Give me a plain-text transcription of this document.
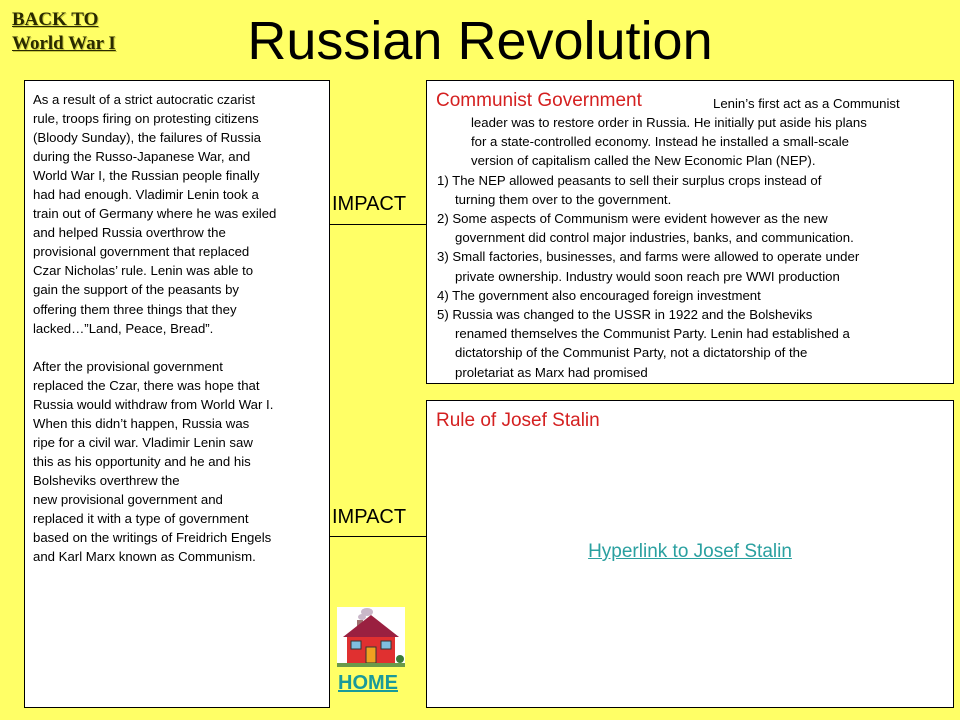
BACK TO
World War I	Russian Revolution

As a result of a strict autocratic czarist

rule, troops firing on protesting citizens

(Bloody Sunday), the failures of Russia

during the Russo-Japanese War, and

World War I, the Russian people finally

had had enough. Vladimir Lenin took a

train out of Germany where he was exiled

and helped Russia overthrow the

provisional government that replaced

Czar Nicholas’ rule. Lenin was able to

gain the support of the peasants by

offering them three things that they

lacked…”Land, Peace, Bread”.

After the provisional government

replaced the Czar, there was hope that

Russia would withdraw from World War I.

When this didn’t happen, Russia was

ripe for a civil war. Vladimir Lenin saw

this as his opportunity and he and his

Bolsheviks overthrew the

new provisional government and

replaced it with a type of government

based on the writings of Freidrich Engels

and Karl Marx known as Communism.

IMPACT
IMPACT
Communist Government	Lenin’s first act as a Communist
leader was to restore order in Russia. He initially put aside his plans
for a state-controlled economy. Instead he installed a small-scale
version of capitalism called the New Economic Plan (NEP).
1) The NEP allowed peasants to sell their surplus crops instead of
turning them over to the government.
2) Some aspects of Communism were evident however as the new
government did control major industries, banks, and communication.
3) Small factories, businesses, and farms were allowed to operate under
private ownership. Industry would soon reach pre WWI production
4) The government also encouraged foreign investment
5) Russia was changed to the USSR in 1922 and the Bolsheviks
renamed themselves the Communist Party. Lenin had established a
dictatorship of the Communist Party, not a dictatorship of the
proletariat as Marx had promised
Rule of Josef Stalin
Hyperlink to Josef Stalin
HOME
